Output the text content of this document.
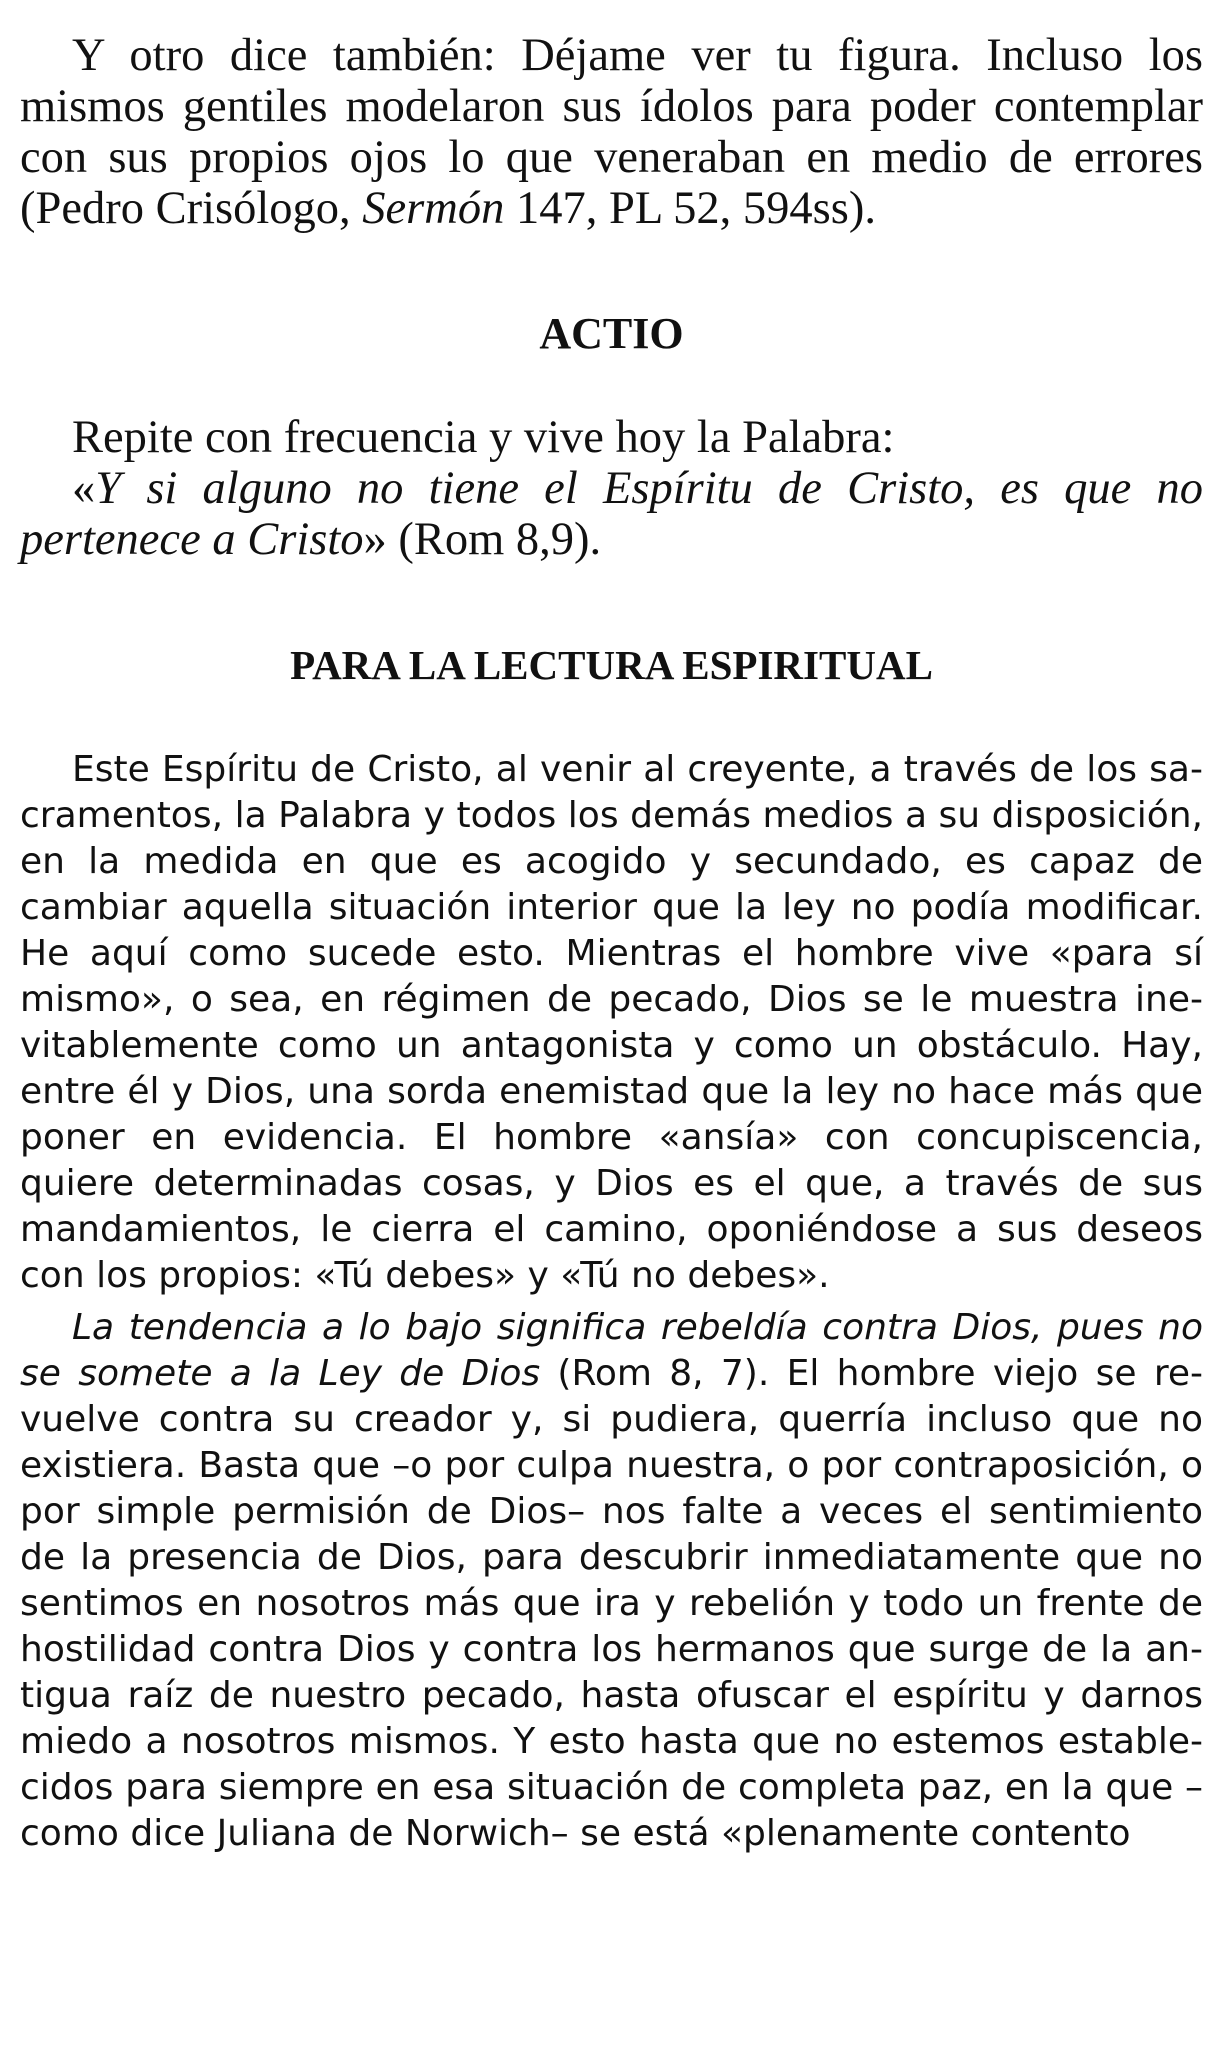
Y otro dice también: Déjame ver tu figura. Incluso los mismos gentiles modelaron sus ídolos para poder contemplar con sus propios ojos lo que veneraban en medio de errores (Pedro Crisólogo, Sermón 147, PL 52, 594ss).

ACTIO

Repite con frecuencia y vive hoy la Palabra:

«Y si alguno no tiene el Espíritu de Cristo, es que no pertenece a Cristo» (Rom 8,9).

PARA LA LECTURA ESPIRITUAL

Este Espíritu de Cristo, al venir al creyente, a través de los sacramentos, la Palabra y todos los demás medios a su disposición, en la medida en que es acogido y secundado, es capaz de cambiar aquella situación interior que la ley no podía modificar. He aquí como sucede esto. Mientras el hombre vive «para sí mismo», o sea, en régimen de pecado, Dios se le muestra inevitablemente como un antagonista y como un obstáculo. Hay, entre él y Dios, una sorda enemistad que la ley no hace más que poner en evidencia. El hombre «ansía» con concupiscencia, quiere determinadas cosas, y Dios es el que, a través de sus mandamientos, le cierra el camino, oponiéndose a sus deseos con los propios: «Tú debes» y «Tú no debes».

La tendencia a lo bajo significa rebeldía contra Dios, pues no se somete a la Ley de Dios (Rom 8, 7). El hombre viejo se revuelve contra su creador y, si pudiera, querría incluso que no existiera. Basta que –o por culpa nuestra, o por contraposición, o por simple permisión de Dios– nos falte a veces el sentimiento de la presencia de Dios, para descubrir inmediatamente que no sentimos en nosotros más que ira y rebelión y todo un frente de hostilidad contra Dios y contra los hermanos que surge de la antigua raíz de nuestro pecado, hasta ofuscar el espíritu y darnos miedo a nosotros mismos. Y esto hasta que no estemos establecidos para siempre en esa situación de completa paz, en la que –como dice Juliana de Norwich– se está «plenamente contento
